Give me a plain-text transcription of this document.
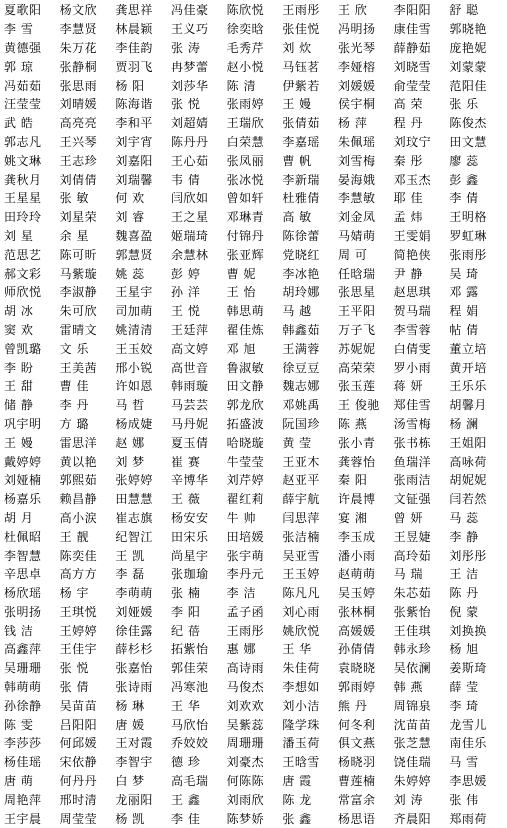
夏歌阳	杨文欣	龚思祥	冯佳豪	陈欣悦	王雨彤	王 欣	李阳阳	舒 聪
李 雪	李慧贤	林晨颖	王义巧	徐奕晗	张佳悦	冯明扬	康佳雪	郭晓艳
黄德强	朱万花	李佳韵	张 涛	毛秀芹	刘 炊	张光琴	薛静茹	庞艳妮
郭 琼	张静桐	贾羽飞	冉梦蕾	赵小悦	马钰茗	李娅榕	刘晓雪	刘蒙蒙
冯茹茹	张思雨	杨 阳	刘莎华	陈 清	伊紫若	刘媛媛	俞莹莹	范阳佳
汪莹莹	刘晴媛	陈海谐	张 悦	张雨婷	王 嫚	侯宇桐	高 荣	张 乐
武 皓	高亮亮	李和平	刘超婧	王瑞欣	张倩茹	杨 萍	程 丹	陈俊杰
郭志凡	王兴琴	刘宇宵	陈丹丹	白荣慧	李嘉瑶	朱佩瑶	刘玟宁	田文慧
姚文琳	王志珍	刘嘉阳	王心茹	张凤丽	曹 帆	刘雪梅	秦 彤	廖 蕊
龚秋月	刘倩倩	刘瑞馨	韦 倩	张冰悦	李新瑞	晏海娥	邓玉杰	彭 鑫
王星星	张 敏	何 欢	闫欣如	曾如轩	杜雅倩	李慧敏	耶 佳	李 倩
田玲玲	刘星荣	刘 睿	王之星	邓琳青	高 敏	刘金凤	孟 炜	王明格
刘 星	余 星	魏喜盈	姬瑞琦	付锦丹	陈徐蕾	马婧萌	王雯娟	罗虹琳
范思艺	陈可昕	郭慧贤	余慧林	张亚辉	党晓红	周 可	简艳侠	张雨彤
郝文彩	马紫璇	姚 蕊	彭 婷	曹 妮	李冰艳	任晗瑞	尹 静	吴 琦
师欣悦	李淑静	王星宇	孙 洋	王 怡	胡玲娜	张思星	赵思琪	邓 露
胡 冰	朱可欣	司加萌	王 悦	韩思萌	马 越	王平阳	贺马瑞	程 娟
窦 欢	雷晴文	姚清清	王廷萍	翟佳炼	韩鑫茹	万子飞	李雪蓉	帖 倩
曾凯璐	文 乐	王玉姣	高文婷	邓 旭	王满蓉	苏妮妮	白倩雯	董立培
李 盼	王美茜	邢小锐	高世音	鲁淑敏	徐豆豆	高荣荣	罗小雨	黄开培
王 甜	曹 佳	许如恩	韩雨璇	田文静	魏志娜	张玉莲	蒋 妍	王乐乐
储 静	李 丹	马 哲	马芸芸	郭龙欣	邓姚禹	王 俊驰	郑佳雪	胡馨月
巩宇明	方 璐	杨成婕	马丹妮	拓盛波	阮国珍	陈 燕	汤雪梅	杨 澜
王 嫚	雷思洋	赵 娜	夏玉倩	哈晓璇	黄 莹	张小青	张书栋	王姐阳
戴婷婷	黄以艳	刘 梦	崔 赛	牛莹莹	王亚木	龚蓉怡	鱼瑞洋	高咏荷
刘娅楠	郭熙茹	张婷婷	辛博华	刘芹婷	赵亚平	秦 阳	张雨洁	胡妮妮
杨嘉乐	赖昌静	田慧慧	王 薇	翟红莉	薛宇航	许晨博	文钲强	闫若然
胡 月	高小涙	崔志旗	杨安安	牛 帅	闫思萍	宴 湘	曾 妍	马 蕊
杜佩昭	王 靓	纪智江	田宋乐	田培媛	张洁楠	李玉成	王昱婕	李 静
李智慧	陈奕佳	王 凯	尚星宇	张宇萌	吴亚雪	潘小雨	高玲茹	刘彤彤
辛思卓	高方方	李 磊	张珈瑜	李丹元	王玉婷	赵萌萌	马 瑞	王 洁
杨欣瑶	杨 宇	李萌萌	张 楠	李 洁	陈凡凡	吴玉婷	朱芯茹	陈 丹
张明扬	王琪悦	刘娅媛	李 阳	孟子函	刘心雨	张林桐	张紫怡	倪 蒙
钱 洁	王婷婷	徐佳露	纪 蓓	王雨彤	姚欣悦	高媛媛	王佳琪	刘换换
高鑫萍	王佳宇	薛杉杉	拓紫怡	惠 娜	王 华	孙倩倩	韩永珍	杨 旭
吴珊珊	张 悦	张嘉怡	郭佳荣	高诗雨	朱佳荷	袁晓晓	吴依澜	姜斯琦
韩萌萌	张 倩	张诗雨	冯寒池	马俊杰	李想如	郭雨婷	韩 燕	薛 莹
孙徐静	吴苗苗	杨 琳	王 华	刘欢欢	刘小洁	熊 丹	周锦泉	李 琦
陈 雯	吕阳阳	唐 媛	马欣怡	吴紫蕊	隆学珠	何冬利	沈苗苗	龙雪儿
李莎莎	何邱媛	王对霞	乔姣姣	周珊珊	潘玉荷	俱文燕	张芝慧	南佳乐
杨佳瑶	宋依静	李智宇	德 珍	刘豪杰	王晗雪	杨晓羽	饶佳瑞	马 雪
唐 萌	何丹丹	白 梦	高毛瑞	何陈陈	唐 霞	曹莲楠	朱婷婷	李思媛
周艳萍	邢时清	龙丽阳	王 鑫	刘雨欣	陈 龙	常富余	刘 涛	张 伟
王宇晨	周莹莹	杨 凯	李 佳	陈梦娇	张 鑫	杨思语	齐晨阳	郑雨荷
